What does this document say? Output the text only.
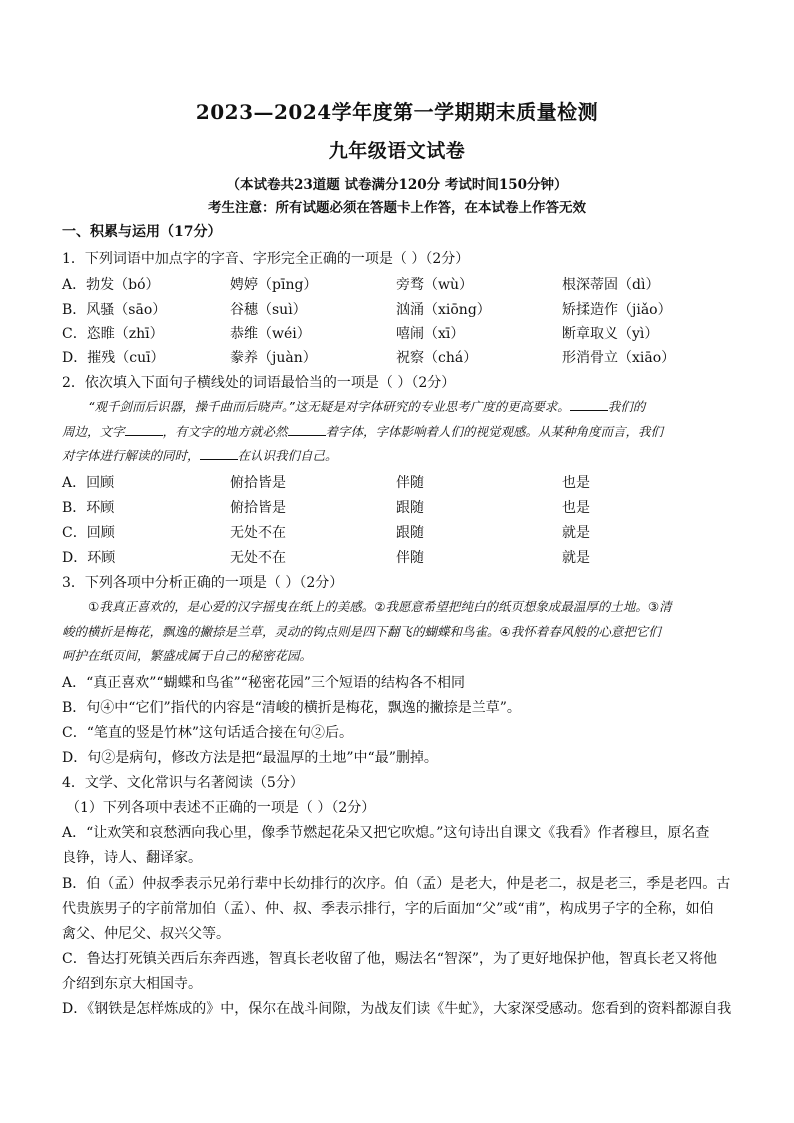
2023—2024学年度第一学期期末质量检测
九年级语文试卷
（本试卷共23道题 试卷满分120分 考试时间150分钟）
考生注意：所有试题必须在答题卡上作答，在本试卷上作答无效
一、积累与运用（17分）
1．下列词语中加点字的字音、字形完全正确的一项是（ ）（2分）
A．勃发（bó）	娉婷（pīng）	旁骛（wù）	根深蒂固（dì）
B．风骚（sāo）	谷穗（suì）	汹涌（xiōng）	矫揉造作（jiǎo）
C．恣睢（zhī）	恭维（wéi）	嘻闹（xī）	断章取义（yì）
D．摧残（cuī）	豢养（juàn）	祝察（chá）	形消骨立（xiāo）
2．依次填入下面句子横线处的词语最恰当的一项是（ ）（2分）
“观千剑而后识器，操千曲而后晓声。”这无疑是对字体研究的专业思考广度的更高要求。	我们的
周边，文字	，有文字的地方就必然	着字体，字体影响着人们的视觉观感。从某种角度而言，我们
对字体进行解读的同时，	在认识我们自己。
A．回顾	俯拾皆是	伴随	也是
B．环顾	俯拾皆是	跟随	也是
C．回顾	无处不在	跟随	就是
D．环顾	无处不在	伴随	就是
3．下列各项中分析正确的一项是（ ）（2分）
①我真正喜欢的，是心爱的汉字摇曳在纸上的美感。②我愿意希望把纯白的纸页想象成最温厚的土地。③清
峻的横折是梅花，飘逸的撇捺是兰草，灵动的钩点则是四下翻飞的蝴蝶和鸟雀。④我怀着春风般的心意把它们
呵护在纸页间，繁盛成属于自己的秘密花园。
A．“真正喜欢”“蝴蝶和鸟雀”“秘密花园”三个短语的结构各不相同
B．句④中“它们”指代的内容是“清峻的横折是梅花，飘逸的撇捺是兰草”。
C．“笔直的竖是竹林”这句话适合接在句②后。
D．句②是病句，修改方法是把“最温厚的土地”中“最”删掉。
4．文学、文化常识与名著阅读（5分）
（1）下列各项中表述不正确的一项是（ ）（2分）
A．“让欢笑和哀愁洒向我心里，像季节燃起花朵又把它吹熄。”这句诗出自课文《我看》作者穆旦，原名查
良铮，诗人、翻译家。
B．伯（孟）仲叔季表示兄弟行辈中长幼排行的次序。伯（孟）是老大，仲是老二，叔是老三，季是老四。古
代贵族男子的字前常加伯（孟）、仲、叔、季表示排行，字的后面加“父”或“甫”，构成男子字的全称，如伯
禽父、仲尼父、叔兴父等。
C．鲁达打死镇关西后东奔西逃，智真长老收留了他，赐法名“智深”，为了更好地保护他，智真长老又将他
介绍到东京大相国寺。
D．《钢铁是怎样炼成的》中，保尔在战斗间隙，为战友们读《牛虻》，大家深受感动。您看到的资料都源自我
